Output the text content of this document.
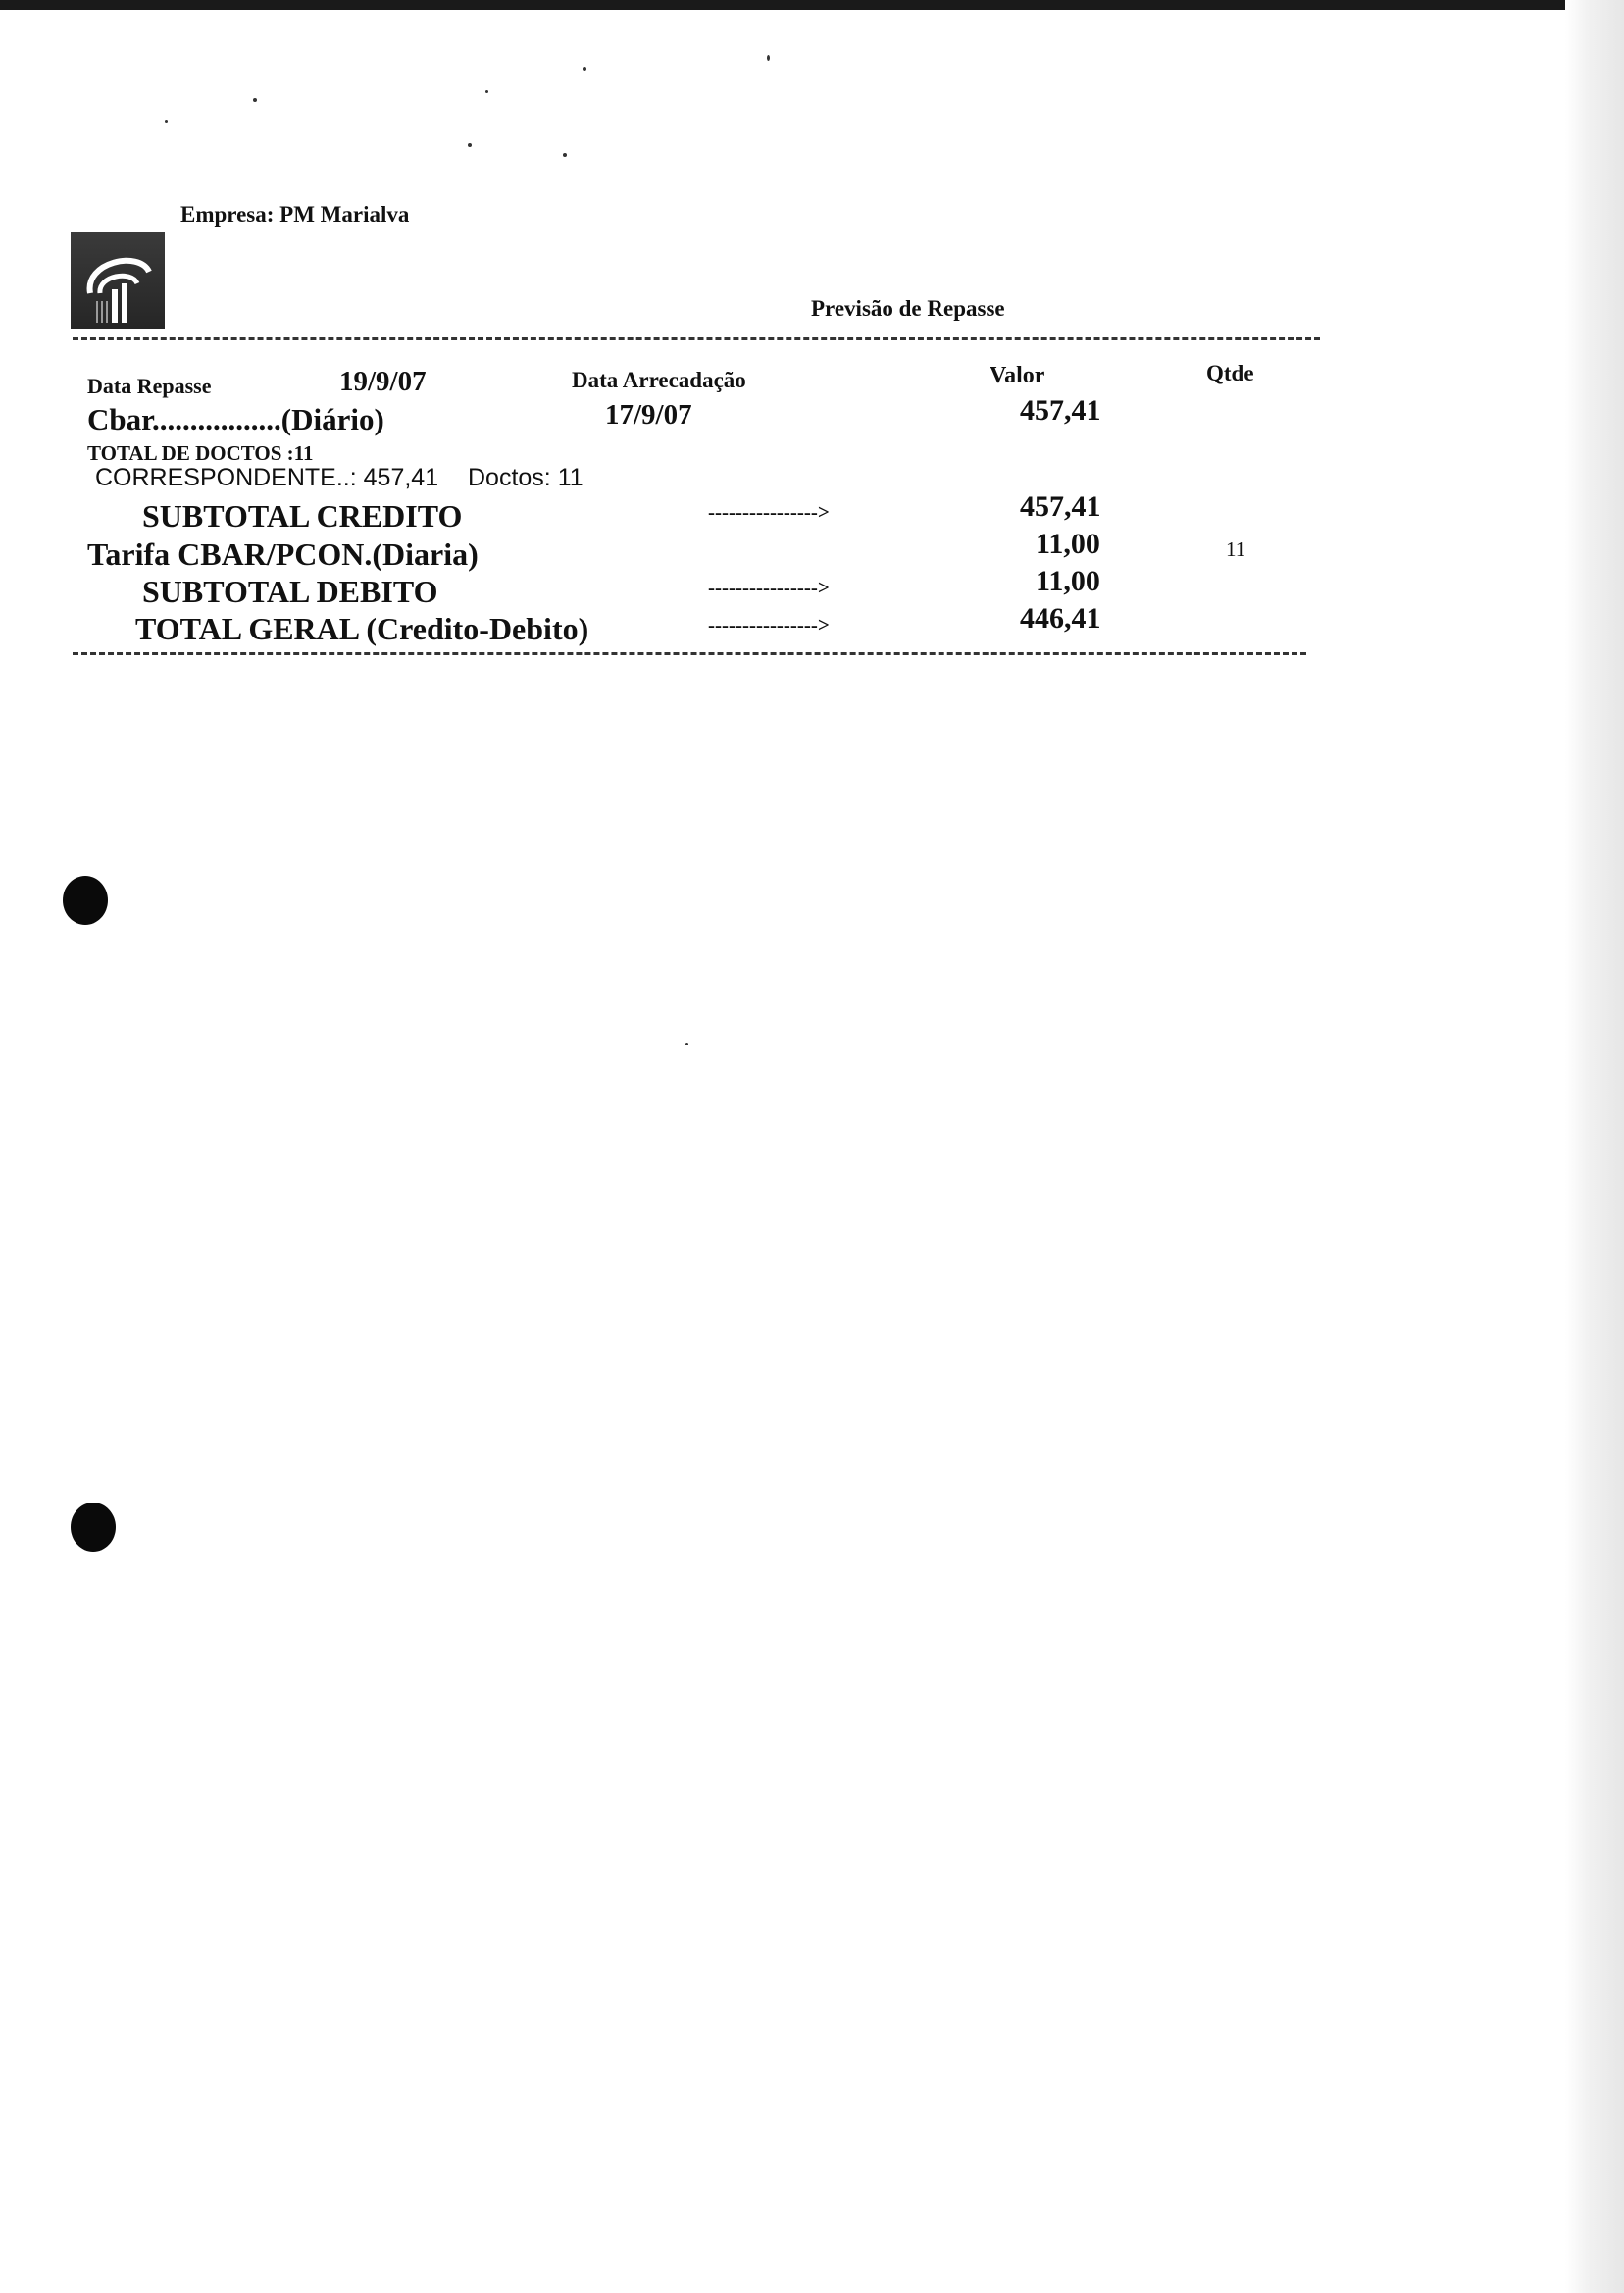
Empresa: PM Marialva
Previsão de Repasse
Data Repasse	19/9/07	Data Arrecadação	Valor	Qtde
Cbar.................(Diário)	17/9/07	457,41
TOTAL DE DOCTOS :11
CORRESPONDENTE..: 457,41 Doctos: 11
SUBTOTAL CREDITO	---------------->	457,41
Tarifa CBAR/PCON.(Diaria)	11,00	11
SUBTOTAL DEBITO	---------------->	11,00
TOTAL GERAL (Credito-Debito)	---------------->	446,41
